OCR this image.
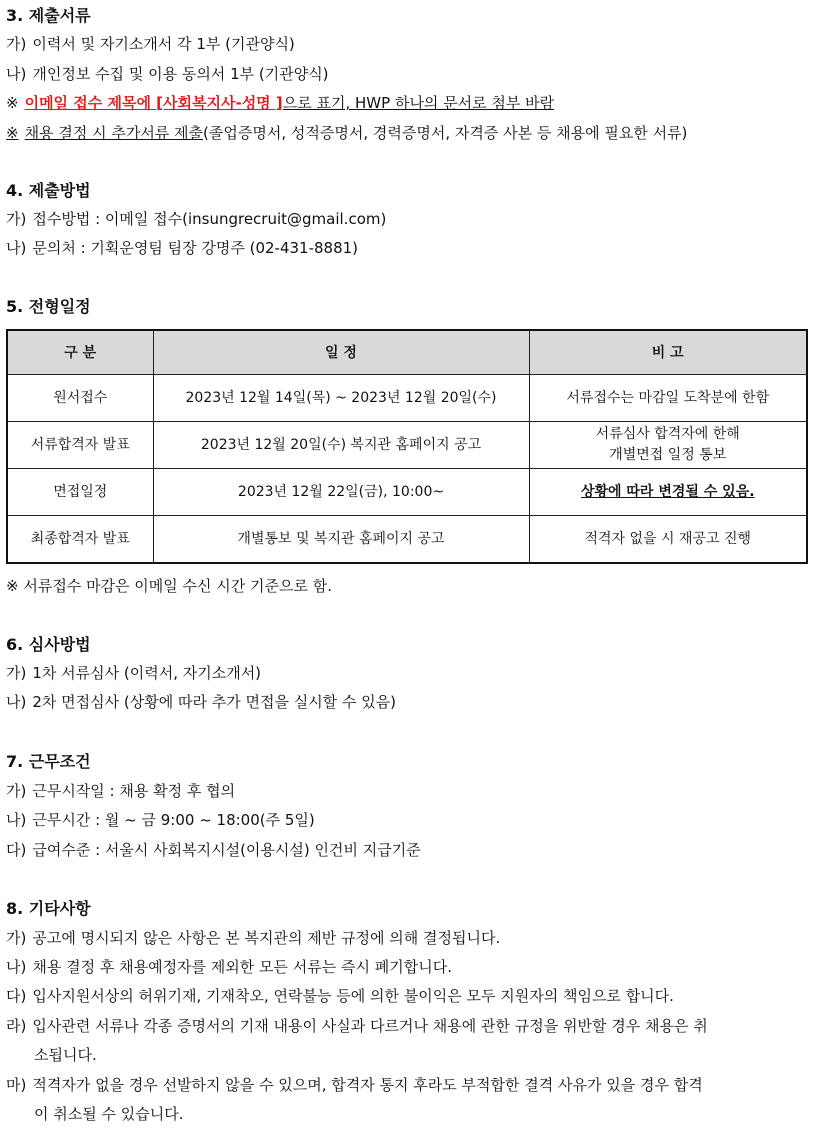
3. 제출서류
가) 이력서 및 자기소개서 각 1부 (기관양식)
나) 개인정보 수집 및 이용 동의서 1부 (기관양식)
※ 이메일 접수 제목에 [사회복지사-성명 ]으로 표기, HWP 하나의 문서로 첨부 바람
※ 채용 결정 시 추가서류 제출(졸업증명서, 성적증명서, 경력증명서, 자격증 사본 등 채용에 필요한 서류)
4. 제출방법
가) 접수방법 : 이메일 접수(insungrecruit@gmail.com)
나) 문의처 : 기획운영팀 팀장 강명주 (02-431-8881)
5. 전형일정
구 분	일 정	비 고
원서접수	2023년 12월 14일(목) ~ 2023년 12월 20일(수)	서류접수는 마감일 도착분에 한함
서류합격자 발표	2023년 12월 20일(수) 복지관 홈페이지 공고	서류심사 합격자에 한해
개별면접 일정 통보

면접일정	2023년 12월 22일(금), 10:00~	상황에 따라 변경될 수 있음.
최종합격자 발표	개별통보 및 복지관 홈페이지 공고	적격자 없을 시 재공고 진행
※ 서류접수 마감은 이메일 수신 시간 기준으로 함.
6. 심사방법
가) 1차 서류심사 (이력서, 자기소개서)
나) 2차 면접심사 (상황에 따라 추가 면접을 실시할 수 있음)
7. 근무조건
가) 근무시작일 : 채용 확정 후 협의
나) 근무시간 : 월 ~ 금 9:00 ~ 18:00(주 5일)
다) 급여수준 : 서울시 사회복지시설(이용시설) 인건비 지급기준
8. 기타사항
가) 공고에 명시되지 않은 사항은 본 복지관의 제반 규정에 의해 결정됩니다.
나) 채용 결정 후 채용예정자를 제외한 모든 서류는 즉시 폐기합니다.
다) 입사지원서상의 허위기재, 기재착오, 연락불능 등에 의한 불이익은 모두 지원자의 책임으로 합니다.
라) 입사관련 서류나 각종 증명서의 기재 내용이 사실과 다르거나 채용에 관한 규정을 위반할 경우 채용은 취
소됩니다.
마) 적격자가 없을 경우 선발하지 않을 수 있으며, 합격자 통지 후라도 부적합한 결격 사유가 있을 경우 합격
이 취소될 수 있습니다.
